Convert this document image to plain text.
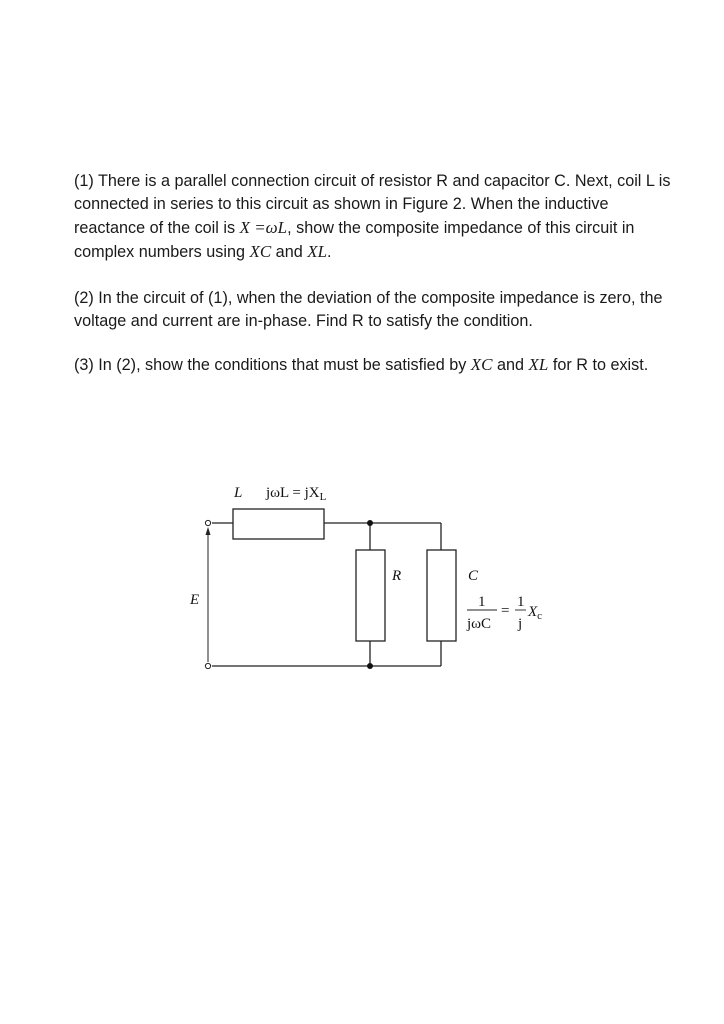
(1) There is a parallel connection circuit of resistor R and capacitor C. Next, coil L is connected in series to this circuit as shown in Figure 2. When the inductive reactance of the coil is X =ωL, show the composite impedance of this circuit in complex numbers using XC and XL.

(2) In the circuit of (1), when the deviation of the composite impedance is zero, the voltage and current are in-phase. Find R to satisfy the condition.

(3) In (2), show the conditions that must be satisfied by XC and XL for R to exist.

L $j\omega L = jX_L$
R	C
E	1
jωC
=
1
j
$X_c$
